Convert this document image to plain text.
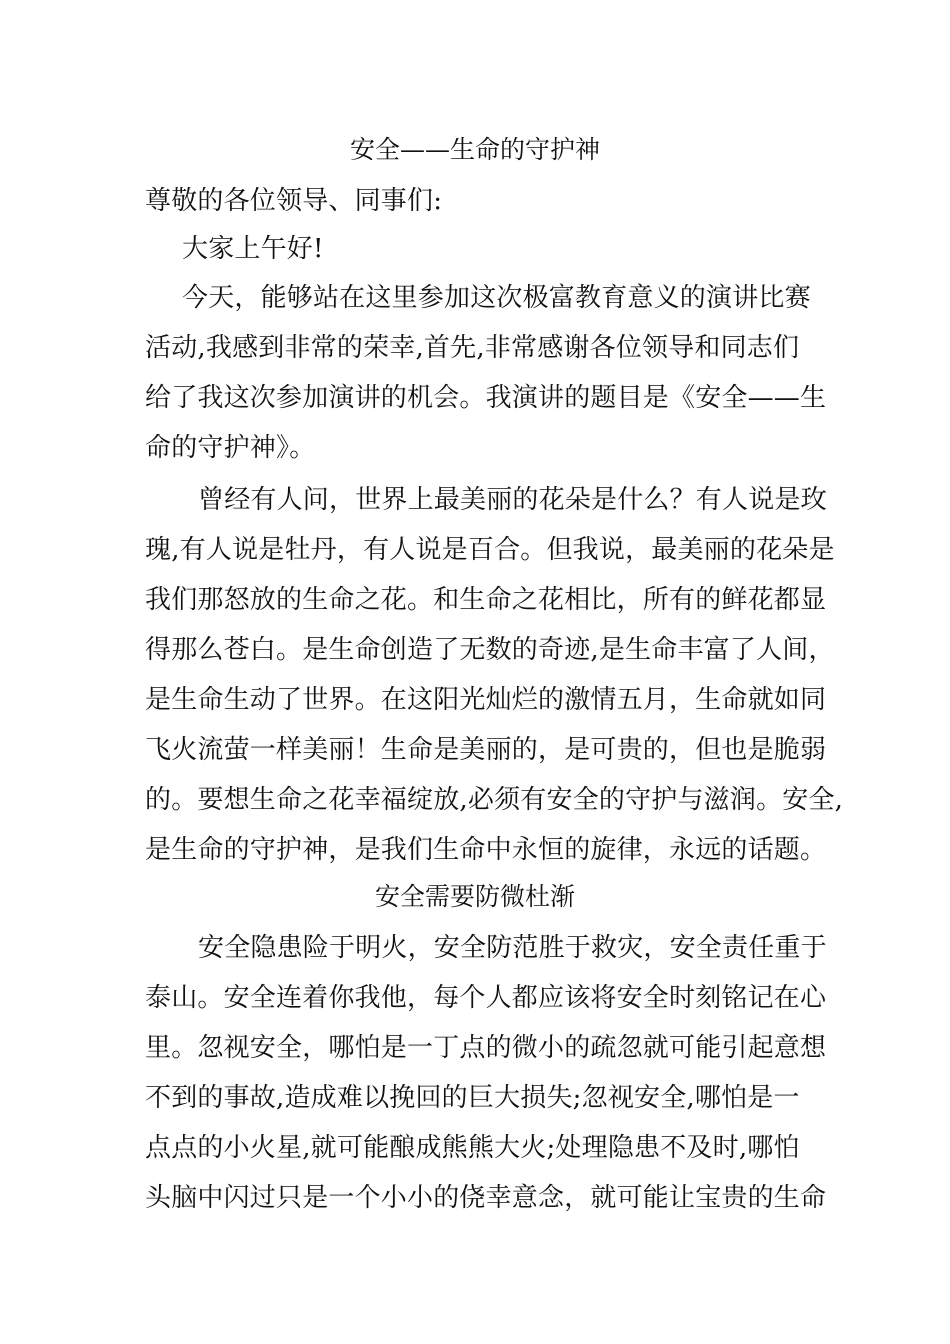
安全——生命的守护神
尊敬的各位领导、同事们:
大家上午好!
今天，能够站在这里参加这次极富教育意义的演讲比赛
活动,我感到非常的荣幸,首先,非常感谢各位领导和同志们
给了我这次参加演讲的机会。我演讲的题目是《安全——生
命的守护神》。
曾经有人问，世界上最美丽的花朵是什么？有人说是玫
瑰,有人说是牡丹，有人说是百合。但我说，最美丽的花朵是
我们那怒放的生命之花。和生命之花相比，所有的鲜花都显
得那么苍白。是生命创造了无数的奇迹,是生命丰富了人间，
是生命生动了世界。在这阳光灿烂的激情五月，生命就如同
飞火流萤一样美丽！生命是美丽的，是可贵的，但也是脆弱
的。要想生命之花幸福绽放,必须有安全的守护与滋润。安全,
是生命的守护神，是我们生命中永恒的旋律，永远的话题。
安全需要防微杜渐
安全隐患险于明火，安全防范胜于救灾，安全责任重于
泰山。安全连着你我他，每个人都应该将安全时刻铭记在心
里。忽视安全，哪怕是一丁点的微小的疏忽就可能引起意想
不到的事故,造成难以挽回的巨大损失;忽视安全,哪怕是一
点点的小火星,就可能酿成熊熊大火;处理隐患不及时,哪怕
头脑中闪过只是一个小小的侥幸意念，就可能让宝贵的生命
